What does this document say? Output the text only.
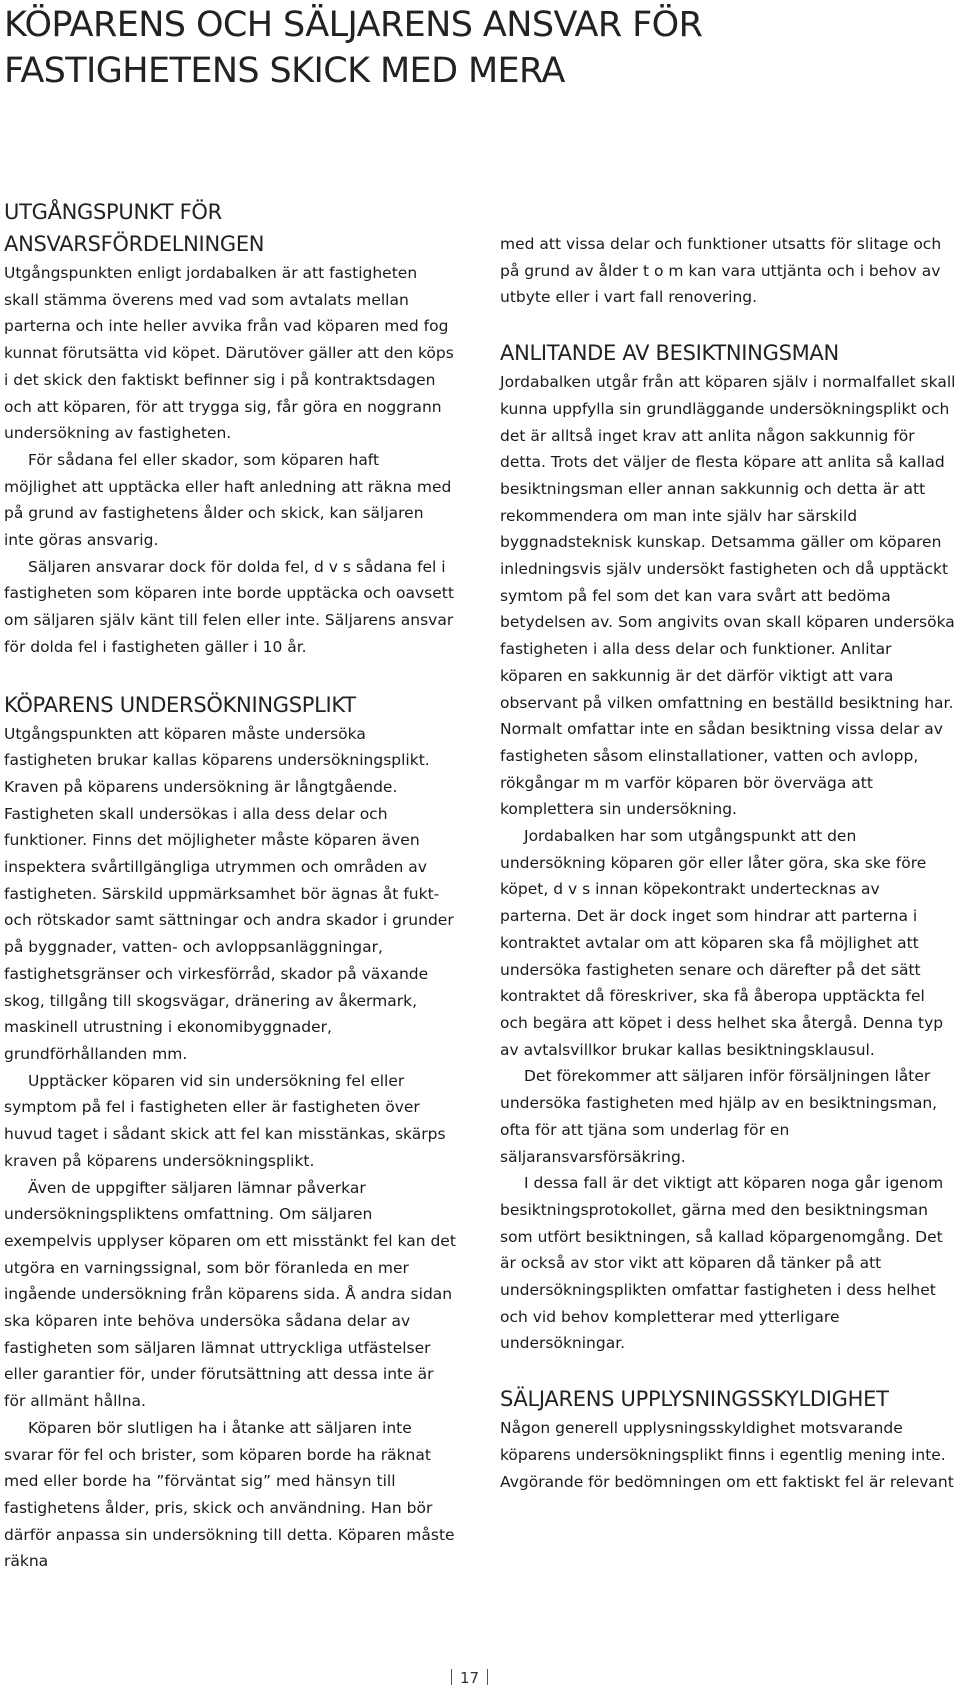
KÖPARENS OCH SÄLJARENS ANSVAR FÖR FASTIGHETENS SKICK MED MERA
UTGÅNGSPUNKT FÖR ANSVARSFÖRDELNINGEN

Utgångspunkten enligt jordabalken är att fastigheten skall stämma överens med vad som avtalats mellan parterna och inte heller avvika från vad köparen med fog kunnat förutsätta vid köpet. Därutöver gäller att den köps i det skick den faktiskt befinner sig i på kontraktsdagen och att köparen, för att trygga sig, får göra en noggrann undersökning av fastigheten.

För sådana fel eller skador, som köparen haft möjlighet att upptäcka eller haft anledning att räkna med på grund av fastighetens ålder och skick, kan säljaren inte göras ansvarig.

Säljaren ansvarar dock för dolda fel, d v s sådana fel i fastigheten som köparen inte borde upptäcka och oavsett om säljaren själv känt till felen eller inte. Säljarens ansvar för dolda fel i fastigheten gäller i 10 år.

KÖPARENS UNDERSÖKNINGSPLIKT

Utgångspunkten att köparen måste undersöka fastigheten brukar kallas köparens undersökningsplikt. Kraven på köparens undersökning är långtgående. Fastigheten skall undersökas i alla dess delar och funktioner. Finns det möjligheter måste köparen även inspektera svårtillgängliga utrymmen och områden av fastigheten. Särskild uppmärksamhet bör ägnas åt fukt- och rötskador samt sättningar och andra skador i grunder på byggnader, vatten- och avloppsanläggningar, fastighetsgränser och virkesförråd, skador på växande skog, tillgång till skogsvägar, dränering av åkermark, maskinell utrustning i ekonomibyggnader, grundförhållanden mm.

Upptäcker köparen vid sin undersökning fel eller symptom på fel i fastigheten eller är fastigheten över huvud taget i sådant skick att fel kan misstänkas, skärps kraven på köparens undersökningsplikt.

Även de uppgifter säljaren lämnar påverkar undersökningspliktens omfattning. Om säljaren exempelvis upplyser köparen om ett misstänkt fel kan det utgöra en varningssignal, som bör föranleda en mer ingående undersökning från köparens sida. Å andra sidan ska köparen inte behöva undersöka sådana delar av fastigheten som säljaren lämnat uttryckliga utfästelser eller garantier för, under förutsättning att dessa inte är för allmänt hållna.

Köparen bör slutligen ha i åtanke att säljaren inte svarar för fel och brister, som köparen borde ha räknat med eller borde ha ”förväntat sig” med hänsyn till fastighetens ålder, pris, skick och användning. Han bör därför anpassa sin undersökning till detta. Köparen måste räkna

med att vissa delar och funktioner utsatts för slitage och på grund av ålder t o m kan vara uttjänta och i behov av utbyte eller i vart fall renovering.

ANLITANDE AV BESIKTNINGSMAN

Jordabalken utgår från att köparen själv i normalfallet skall kunna uppfylla sin grundläggande undersökningsplikt och det är alltså inget krav att anlita någon sakkunnig för detta. Trots det väljer de flesta köpare att anlita så kallad besiktningsman eller annan sakkunnig och detta är att rekommendera om man inte själv har särskild byggnadsteknisk kunskap. Detsamma gäller om köparen inledningsvis själv undersökt fastigheten och då upptäckt symtom på fel som det kan vara svårt att bedöma betydelsen av. Som angivits ovan skall köparen undersöka fastigheten i alla dess delar och funktioner. Anlitar köparen en sakkunnig är det därför viktigt att vara observant på vilken omfattning en beställd besiktning har. Normalt omfattar inte en sådan besiktning vissa delar av fastigheten såsom elinstallationer, vatten och avlopp, rökgångar m m varför köparen bör överväga att komplettera sin undersökning.

Jordabalken har som utgångspunkt att den undersökning köparen gör eller låter göra, ska ske före köpet, d v s innan köpekontrakt undertecknas av parterna. Det är dock inget som hindrar att parterna i kontraktet avtalar om att köparen ska få möjlighet att undersöka fastigheten senare och därefter på det sätt kontraktet då föreskriver, ska få åberopa upptäckta fel och begära att köpet i dess helhet ska återgå. Denna typ av avtalsvillkor brukar kallas besiktningsklausul.

Det förekommer att säljaren inför försäljningen låter undersöka fastigheten med hjälp av en besiktningsman, ofta för att tjäna som underlag för en säljaransvarsförsäkring.

I dessa fall är det viktigt att köparen noga går igenom besiktningsprotokollet, gärna med den besiktningsman som utfört besiktningen, så kallad köpargenomgång. Det är också av stor vikt att köparen då tänker på att undersökningsplikten omfattar fastigheten i dess helhet och vid behov kompletterar med ytterligare undersökningar.

SÄLJARENS UPPLYSNINGSSKYLDIGHET

Någon generell upplysningsskyldighet motsvarande köparens undersökningsplikt finns i egentlig mening inte. Avgörande för bedömningen om ett faktiskt fel är relevant

17
